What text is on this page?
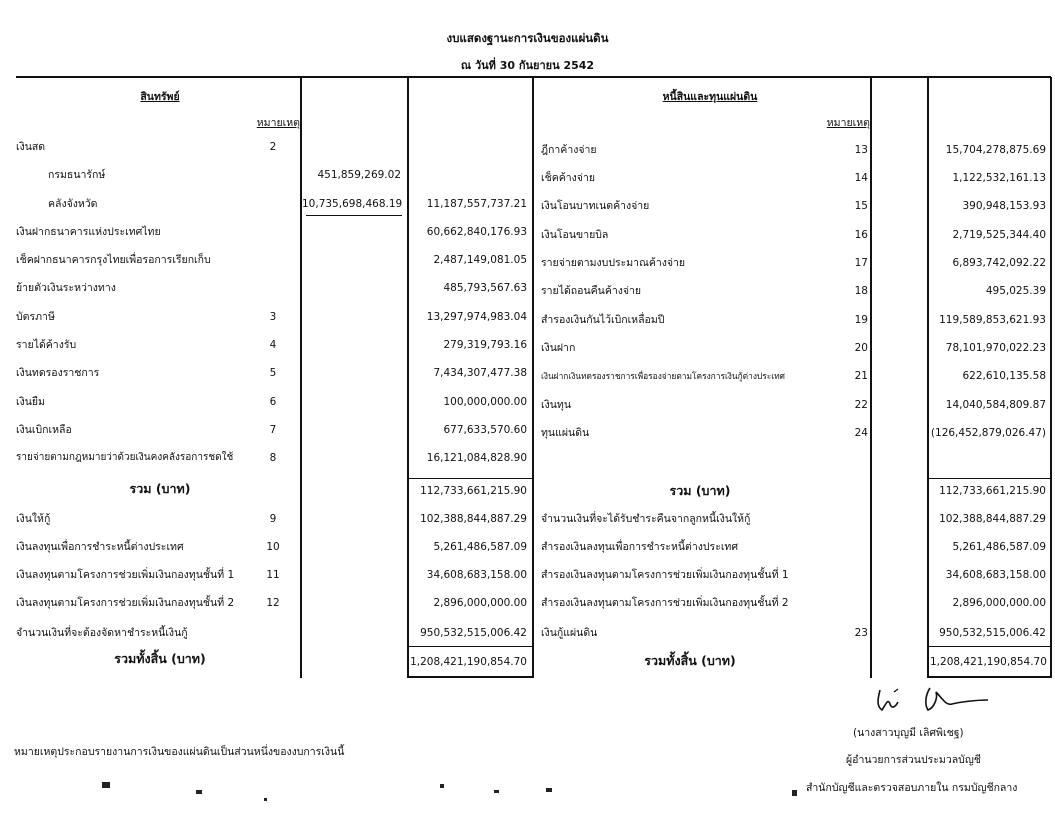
งบแสดงฐานะการเงินของแผ่นดิน
ณ วันที่ 30 กันยายน 2542
สินทรัพย์
หมายเหตุ
หนี้สินและทุนแผ่นดิน
หมายเหตุ
เงินสด	2
กรมธนารักษ์	451,859,269.02
คลังจังหวัด	10,735,698,468.19	11,187,557,737.21
เงินฝากธนาคารแห่งประเทศไทย	60,662,840,176.93
เช็คฝากธนาคารกรุงไทยเพื่อรอการเรียกเก็บ	2,487,149,081.05
ย้ายตัวเงินระหว่างทาง	485,793,567.63
บัตรภาษี	3	13,297,974,983.04
รายได้ค้างรับ	4	279,319,793.16
เงินทดรองราชการ	5	7,434,307,477.38
เงินยืม	6	100,000,000.00
เงินเบิกเหลือ	7	677,633,570.60
รายจ่ายตามกฎหมายว่าด้วยเงินคงคลังรอการชดใช้	8	16,121,084,828.90
รวม (บาท)	112,733,661,215.90
เงินให้กู้	9	102,388,844,887.29
เงินลงทุนเพื่อการชำระหนี้ต่างประเทศ	10	5,261,486,587.09
เงินลงทุนตามโครงการช่วยเพิ่มเงินกองทุนชั้นที่ 1	11	34,608,683,158.00
เงินลงทุนตามโครงการช่วยเพิ่มเงินกองทุนชั้นที่ 2	12	2,896,000,000.00
จำนวนเงินที่จะต้องจัดหาชำระหนี้เงินกู้	950,532,515,006.42
รวมทั้งสิ้น (บาท)	1,208,421,190,854.70
ฎีกาค้างจ่าย	13	15,704,278,875.69
เช็คค้างจ่าย	14	1,122,532,161.13
เงินโอนบาทเนตค้างจ่าย	15	390,948,153.93
เงินโอนขายบิล	16	2,719,525,344.40
รายจ่ายตามงบประมาณค้างจ่าย	17	6,893,742,092.22
รายได้ถอนคืนค้างจ่าย	18	495,025.39
สำรองเงินกันไว้เบิกเหลื่อมปี	19	119,589,853,621.93
เงินฝาก	20	78,101,970,022.23
เงินฝากเงินทดรองราชการเพื่อรองจ่ายตามโครงการเงินกู้ต่างประเทศ	21	622,610,135.58
เงินทุน	22	14,040,584,809.87
ทุนแผ่นดิน	24	(126,452,879,026.47)
รวม (บาท)	112,733,661,215.90
จำนวนเงินที่จะได้รับชำระคืนจากลูกหนี้เงินให้กู้	102,388,844,887.29
สำรองเงินลงทุนเพื่อการชำระหนี้ต่างประเทศ	5,261,486,587.09
สำรองเงินลงทุนตามโครงการช่วยเพิ่มเงินกองทุนชั้นที่ 1	34,608,683,158.00
สำรองเงินลงทุนตามโครงการช่วยเพิ่มเงินกองทุนชั้นที่ 2	2,896,000,000.00
เงินกู้แผ่นดิน	23	950,532,515,006.42
รวมทั้งสิ้น (บาท)	1,208,421,190,854.70
หมายเหตุประกอบรายงานการเงินของแผ่นดินเป็นส่วนหนึ่งของงบการเงินนี้
(นางสาวบุญมี เลิศพิเชฐ)
ผู้อำนวยการส่วนประมวลบัญชี
สำนักบัญชีและตรวจสอบภายใน กรมบัญชีกลาง
